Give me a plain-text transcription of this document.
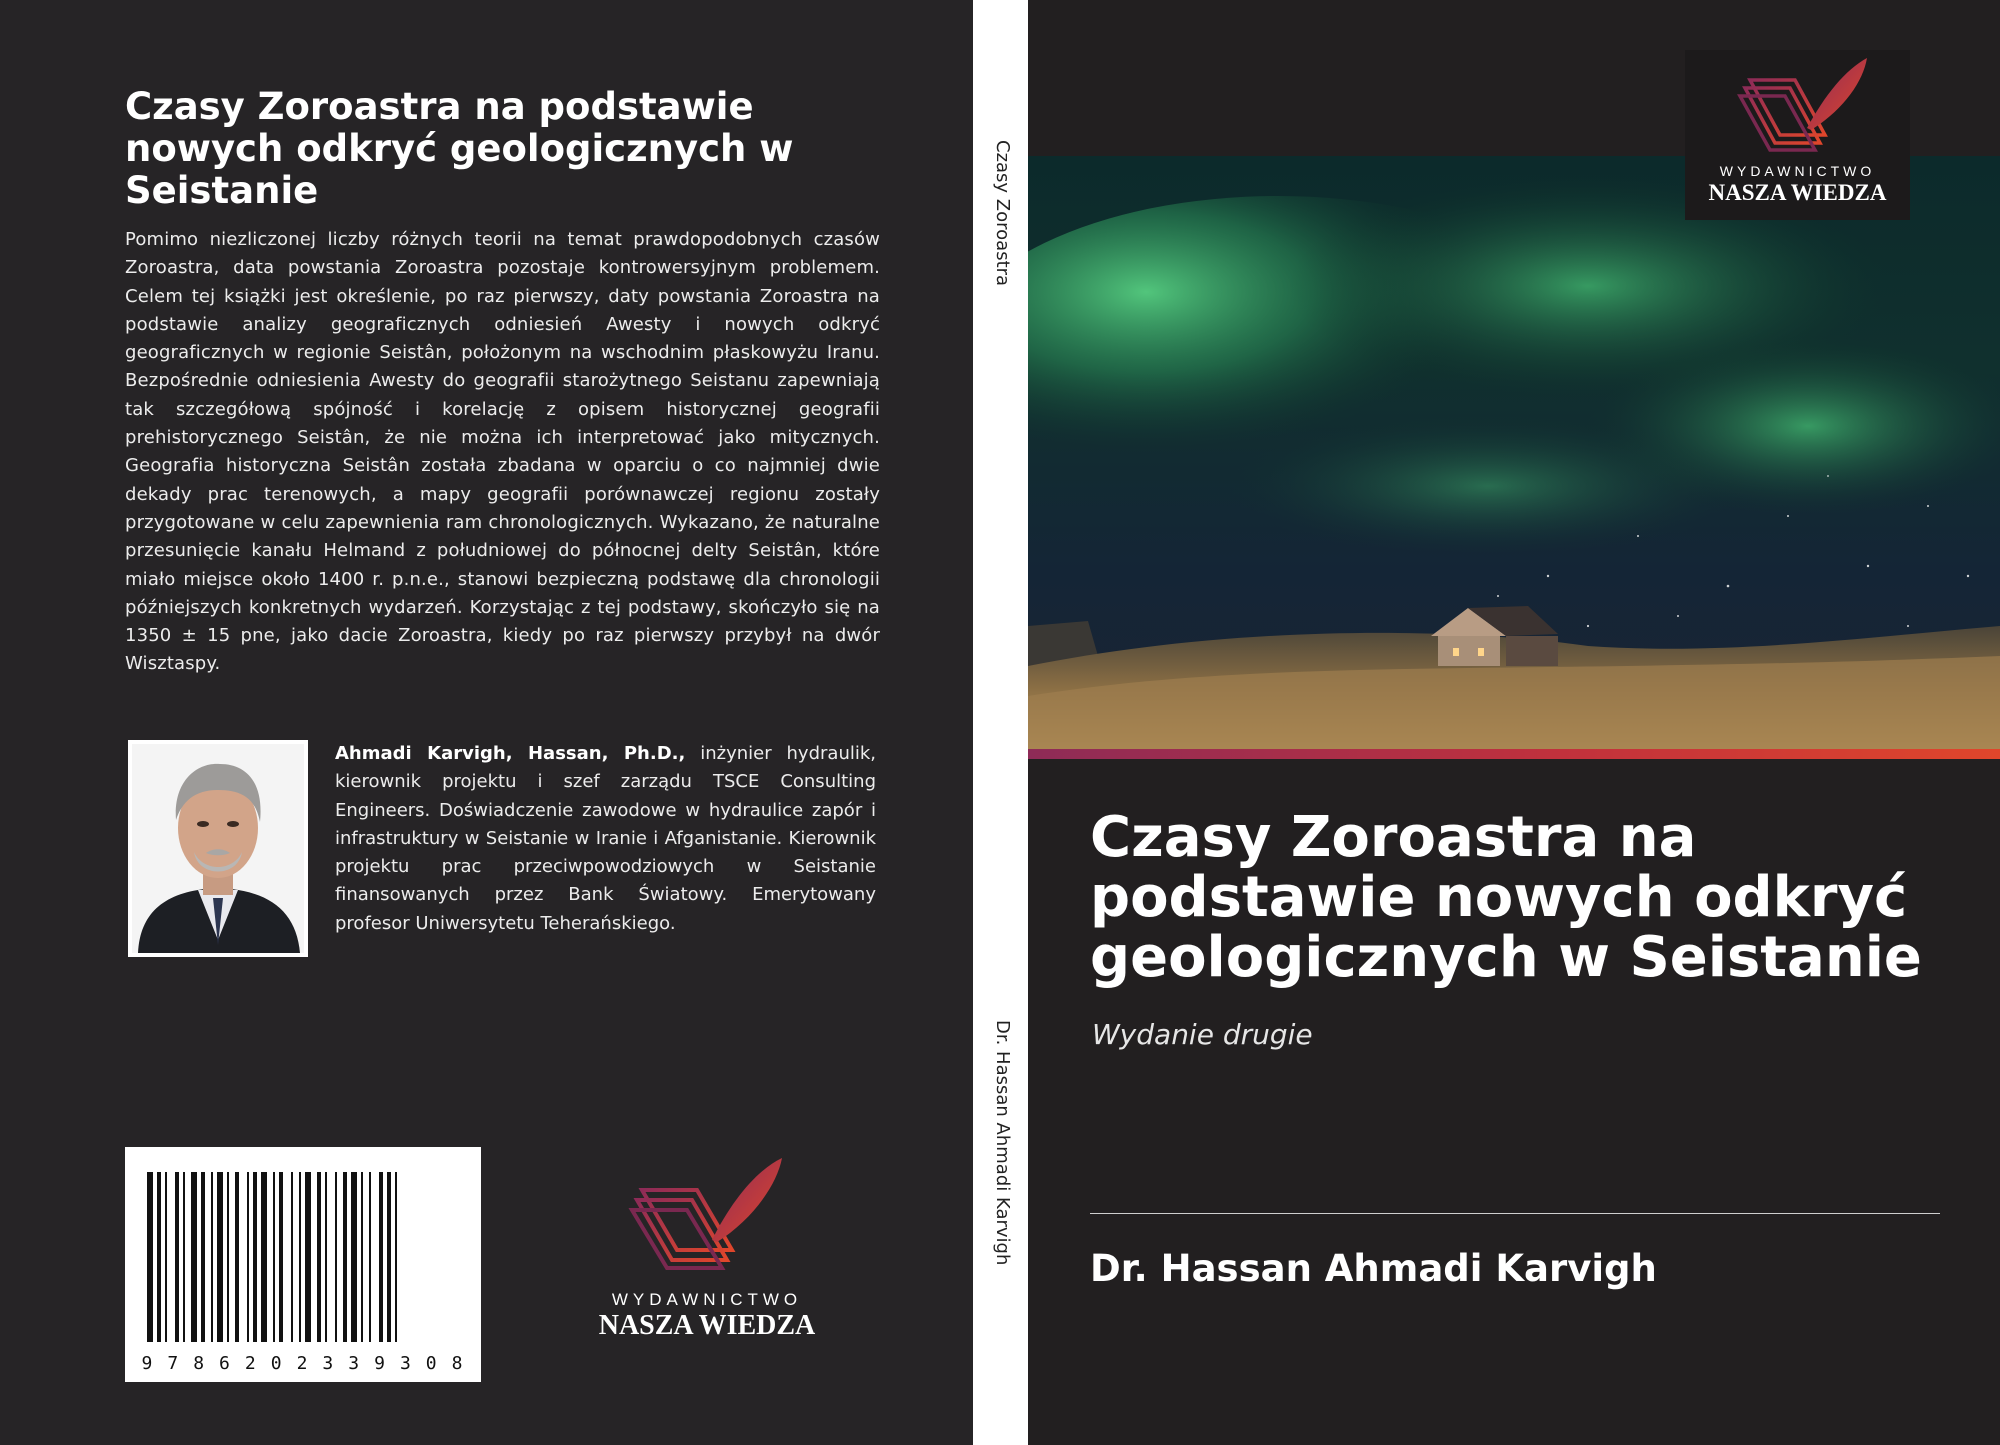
Czasy Zoroastra na podstawie nowych odkryć geologicznych w Seistanie

Pomimo niezliczonej liczby różnych teorii na temat prawdopodobnych czasów Zoroastra, data powstania Zoroastra pozostaje kontrowersyjnym problemem. Celem tej książki jest określenie, po raz pierwszy, daty powstania Zoroastra na podstawie analizy geograficznych odniesień Awesty i nowych odkryć geograficznych w regionie Seistân, położonym na wschodnim płaskowyżu Iranu. Bezpośrednie odniesienia Awesty do geografii starożytnego Seistanu zapewniają tak szczegółową spójność i korelację z opisem historycznej geografii prehistorycznego Seistân, że nie można ich interpretować jako mitycznych. Geografia historyczna Seistân została zbadana w oparciu o co najmniej dwie dekady prac terenowych, a mapy geografii porównawczej regionu zostały przygotowane w celu zapewnienia ram chronologicznych. Wykazano, że naturalne przesunięcie kanału Helmand z południowej do północnej delty Seistân, które miało miejsce około 1400 r. p.n.e., stanowi bezpieczną podstawę dla chronologii późniejszych konkretnych wydarzeń. Korzystając z tej podstawy, skończyło się na 1350 ± 15 pne, jako dacie Zoroastra, kiedy po raz pierwszy przybył na dwór Wisztaspy.

Ahmadi Karvigh, Hassan, Ph.D., inżynier hydraulik, kierownik projektu i szef zarządu TSCE Consulting Engineers. Doświadczenie zawodowe w hydraulice zapór i infrastruktury w Seistanie w Iranie i Afganistanie. Kierownik projektu prac przeciwpowodziowych w Seistanie finansowanych przez Bank Światowy. Emerytowany profesor Uniwersytetu Teherańskiego.

9 7 8 6 2 0 2 3 3 9 3 0 8
WYDAWNICTWO
NASZA WIEDZA
Czasy Zoroastra
Dr. Hassan Ahmadi Karvigh
WYDAWNICTWO
NASZA WIEDZA
Czasy Zoroastra na podstawie nowych odkryć geologicznych w Seistanie

Wydanie drugie

Dr. Hassan Ahmadi Karvigh
